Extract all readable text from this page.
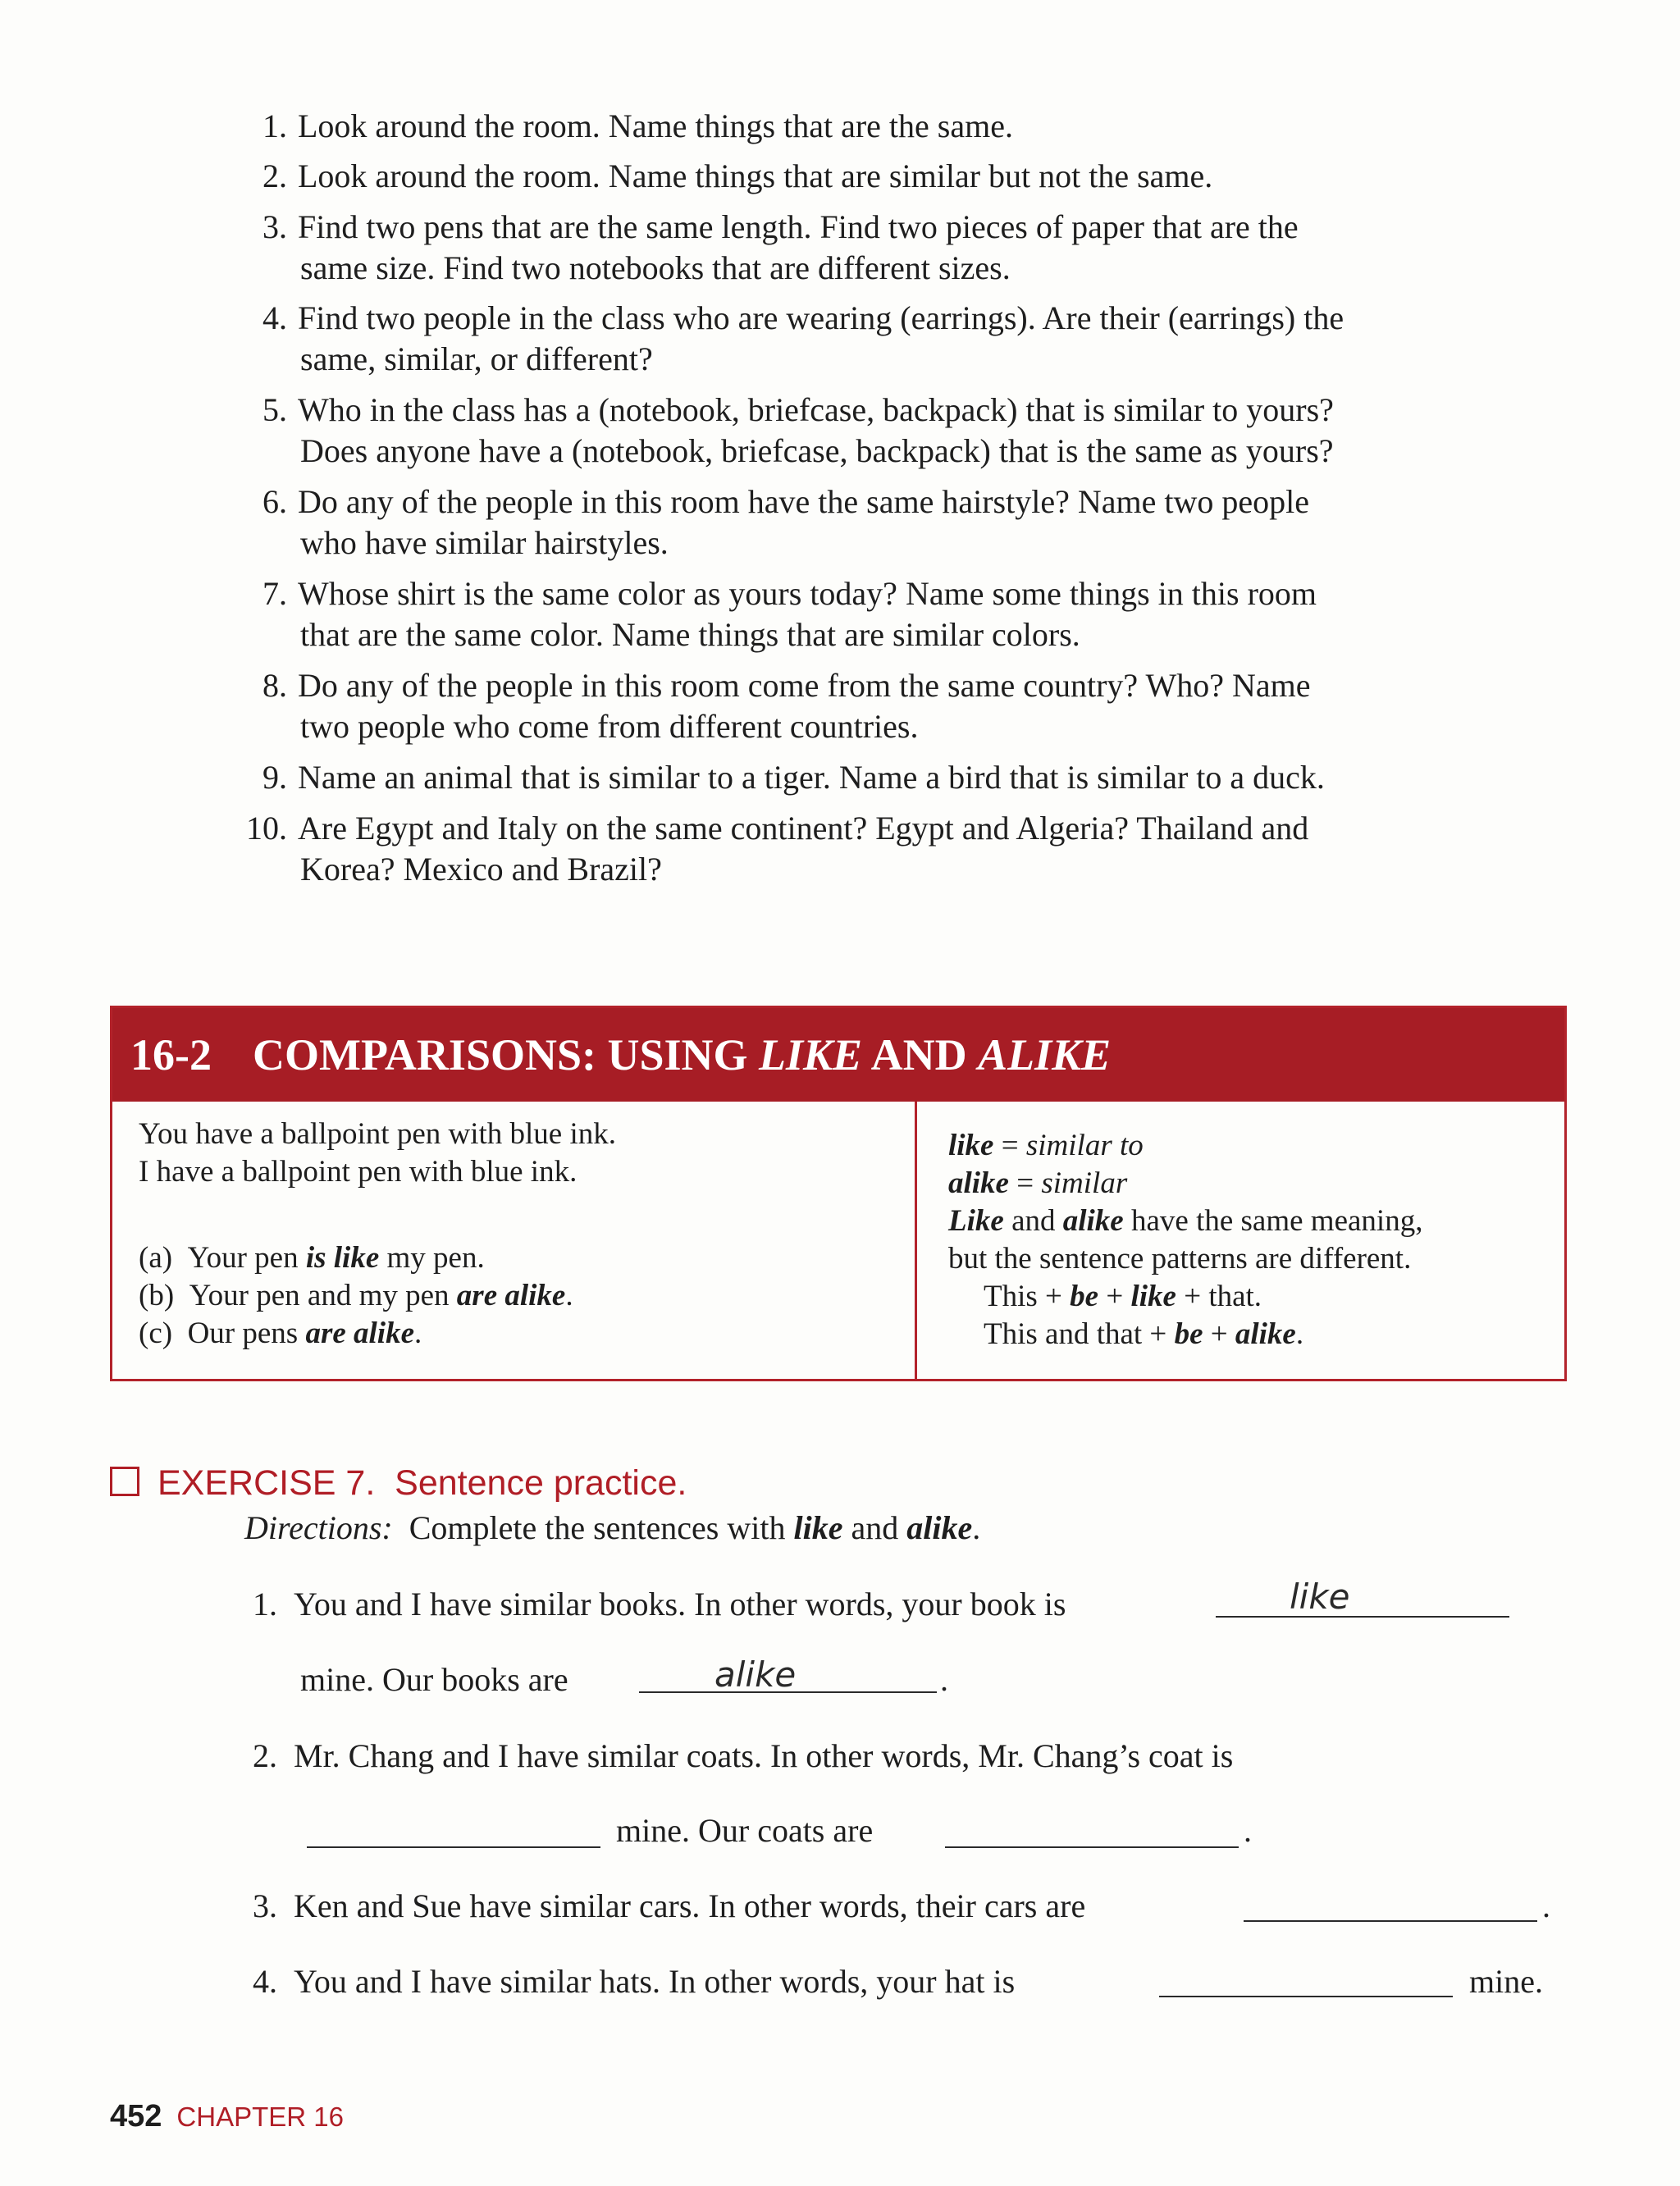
1. Look around the room. Name things that are the same.
2. Look around the room. Name things that are similar but not the same.
3. Find two pens that are the same length. Find two pieces of paper that are the
same size. Find two notebooks that are different sizes.
4. Find two people in the class who are wearing (earrings). Are their (earrings) the
same, similar, or different?
5. Who in the class has a (notebook, briefcase, backpack) that is similar to yours?
Does anyone have a (notebook, briefcase, backpack) that is the same as yours?
6. Do any of the people in this room have the same hairstyle? Name two people
who have similar hairstyles.
7. Whose shirt is the same color as yours today? Name some things in this room
that are the same color. Name things that are similar colors.
8. Do any of the people in this room come from the same country? Who? Name
two people who come from different countries.
9. Name an animal that is similar to a tiger. Name a bird that is similar to a duck.
10. Are Egypt and Italy on the same continent? Egypt and Algeria? Thailand and
Korea? Mexico and Brazil?
16-2 COMPARISONS: USING LIKE AND ALIKE
You have a ballpoint pen with blue ink.
I have a ballpoint pen with blue ink.
(a) Your pen is like my pen.
(b) Your pen and my pen are alike.
(c) Our pens are alike.
like = similar to
alike = similar
Like and alike have the same meaning,
but the sentence patterns are different.
This + be + like + that.
This and that + be + alike.
EXERCISE 7. Sentence practice.
Directions: Complete the sentences with like and alike.
1. You and I have similar books. In other words, your book is	like
mine. Our books are	alike	.
2. Mr. Chang and I have similar coats. In other words, Mr. Chang’s coat is
mine. Our coats are	.
3. Ken and Sue have similar cars. In other words, their cars are	.
4. You and I have similar hats. In other words, your hat is	mine.
452 CHAPTER 16
